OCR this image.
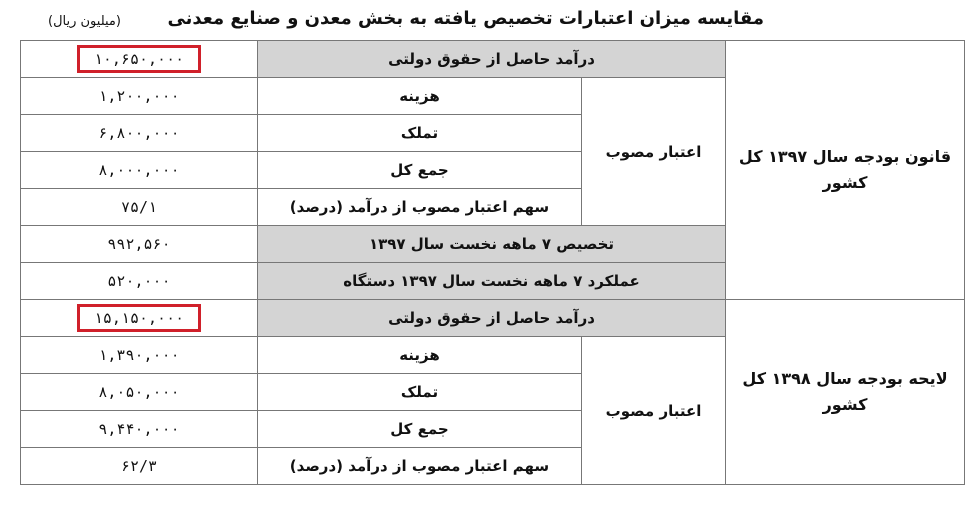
مقایسه میزان اعتبارات تخصیص یافته به بخش معدن و صنایع معدنی
(میلیون ریال)
۱۰,۶۵۰,۰۰۰	درآمد حاصل از حقوق دولتی		قانون بودجه سال ۱۳۹۷ کل کشور
۱,۲۰۰,۰۰۰	هزینه	اعتبار مصوب	
۶,۸۰۰,۰۰۰	تملک		
۸,۰۰۰,۰۰۰	جمع کل		
۷۵/۱	سهم اعتبار مصوب از درآمد (درصد)		
۹۹۲,۵۶۰	تخصیص ۷ ماهه نخست سال ۱۳۹۷		
۵۲۰,۰۰۰	عملکرد ۷ ماهه نخست سال ۱۳۹۷ دستگاه		
۱۵,۱۵۰,۰۰۰	درآمد حاصل از حقوق دولتی		لایحه بودجه سال ۱۳۹۸ کل کشور
۱,۳۹۰,۰۰۰	هزینه	اعتبار مصوب	
۸,۰۵۰,۰۰۰	تملک		
۹,۴۴۰,۰۰۰	جمع کل		
۶۲/۳	سهم اعتبار مصوب از درآمد (درصد)		
